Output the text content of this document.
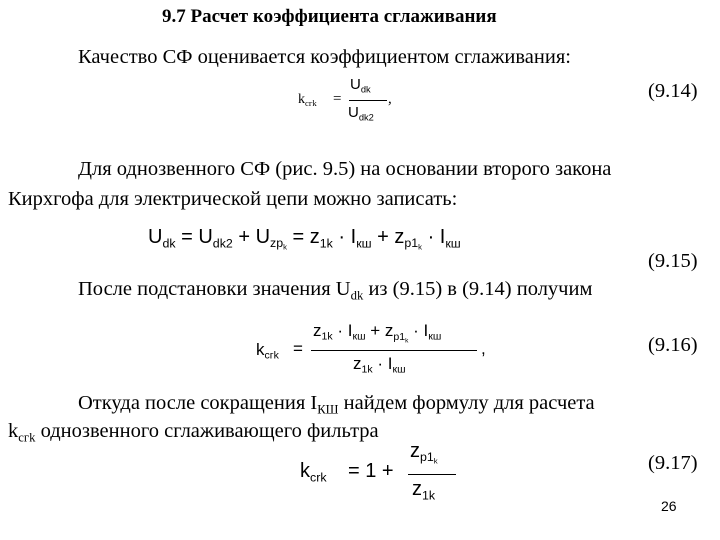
9.7 Расчет коэффициента сглаживания
Качество СФ оценивается коэффициентом сглаживания:
(9.14)
$k_{сгk}$ =
$U_{dk}$
$U_{dk2}$
,
Для однозвенного СФ (рис. 9.5) на основании второго закона
Кирхгофа для электрической цепи можно записать:
$U_{dk} = U_{dk2} + U_{zp_k} = z_{1k} \cdot I_{кш} + z_{p1_k} \cdot I_{кш}$
(9.15)
После подстановки значения $U_{dk}$ из (9.15) в (9.14) получим
$k_{сгk}$ =
$z_{1k} \cdot I_{кш} + z_{p1_k} \cdot I_{кш}$
$z_{1k} \cdot I_{кш}$
,	(9.16)
Откуда после сокращения $I_{КШ}$ найдем формулу для расчета
$k_{сгk}$ однозвенного сглаживающего фильтра
$k_{crk} = 1$ +
$z_{p1_k}$
$z_{1k}$
(9.17)
26
